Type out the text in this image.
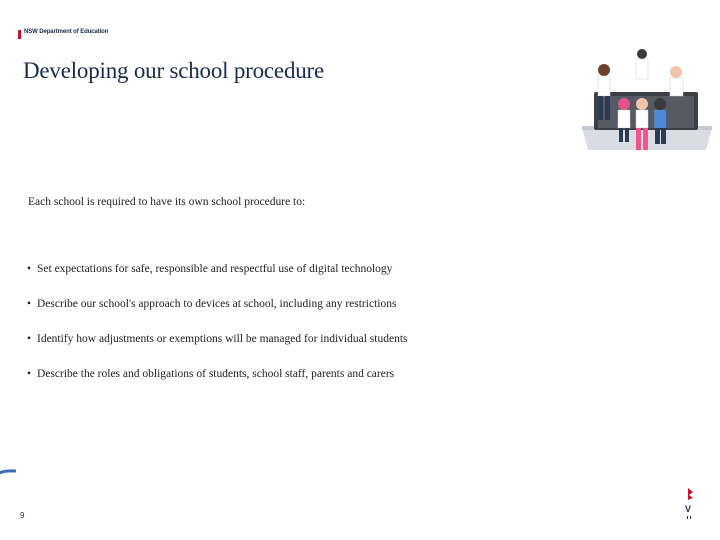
NSW Department of Education
Developing our school procedure

Each school is required to have its own school procedure to:

• Set expectations for safe, responsible and respectful use of digital technology
• Describe our school's approach to devices at school, including any restrictions
• Identify how adjustments or exemptions will be managed for individual students
• Describe the roles and obligations of students, school staff, parents and carers
9
V
